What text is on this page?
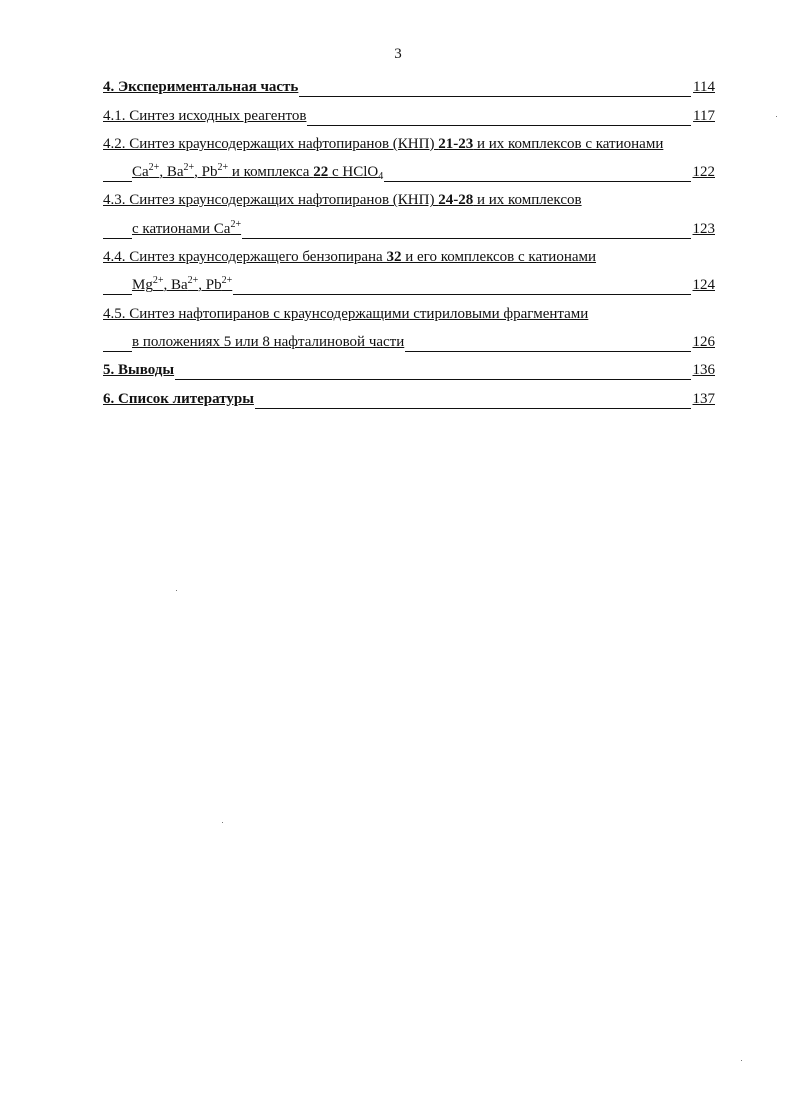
3
4. Экспериментальная часть	114
4.1. Синтез исходных реагентов	117
4.2. Синтез краунсодержащих нафтопиранов (КНП) 21-23 и их комплексов с катионами
$Ca^{2+}$, $Ba^{2+}$, $Pb^{2+}$ и комплекса 22 с HClO$_4$	122
4.3. Синтез краунсодержащих нафтопиранов (КНП) 24-28 и их комплексов
с катионами $Ca^{2+}$	123
4.4. Синтез краунсодержащего бензопирана 32 и его комплексов с катионами
$Mg^{2+}$, $Ba^{2+}$, $Pb^{2+}$	124
4.5. Синтез нафтопиранов с краунсодержащими стириловыми фрагментами
в положениях 5 или 8 нафталиновой части	126
5. Выводы	136
6. Список литературы	137
